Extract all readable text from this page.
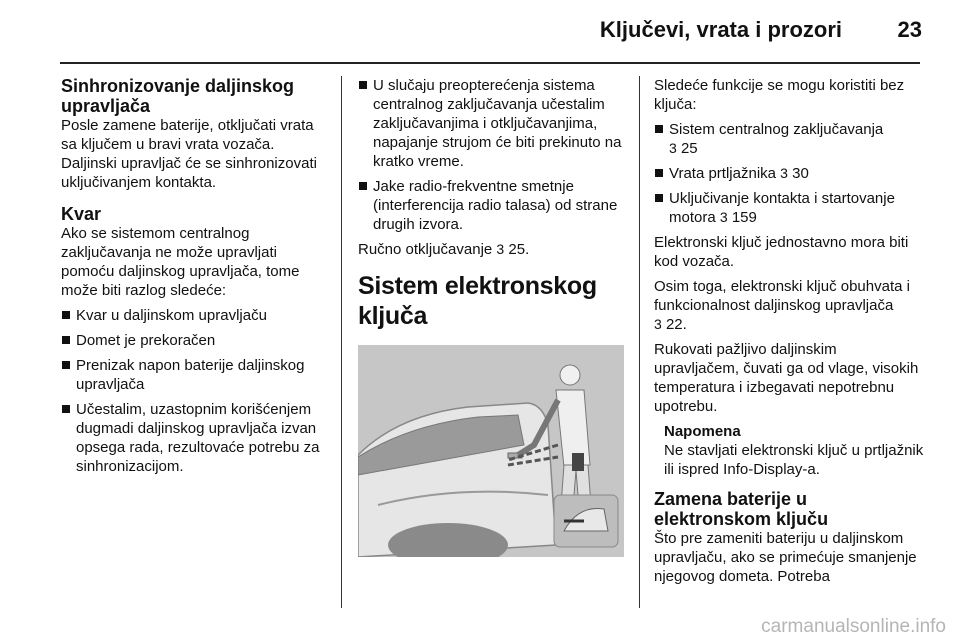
Ključevi, vrata i prozori	23
Sinhronizovanje daljinskog upravljača

Posle zamene baterije, otključati vrata sa ključem u bravi vrata vozača. Daljinski upravljač će se sinhronizovati uključivanjem kontakta.

Kvar

Ako se sistemom centralnog zaključavanja ne može upravljati pomoću daljinskog upravljača, tome može biti razlog sledeće:

Kvar u daljinskom upravljaču
Domet je prekoračen
Prenizak napon baterije daljinskog upravljača
Učestalim, uzastopnim korišćenjem dugmadi daljinskog upravljača izvan opsega rada, rezultovaće potrebu za sinhronizacijom.
U slučaju preopterećenja sistema centralnog zaključavanja učestalim zaključavanjima i otključavanjima, napajanje strujom će biti prekinuto na kratko vreme.
Jake radio-frekventne smetnje (interferencija radio talasa) od strane drugih izvora.

Ručno otključavanje 3 25.

Sistem elektronskog ključa

Sledeće funkcije se mogu koristiti bez ključa:

Sistem centralnog zaključavanja
3 25
Vrata prtljažnika 3 30
Uključivanje kontakta i startovanje motora 3 159

Elektronski ključ jednostavno mora biti kod vozača.

Osim toga, elektronski ključ obuhvata i funkcionalnost daljinskog upravljača
3 22.

Rukovati pažljivo daljinskim upravljačem, čuvati ga od vlage, visokih temperatura i izbegavati nepotrebnu upotrebu.

Napomena
Ne stavljati elektronski ključ u prtljažnik ili ispred Info-Display-a.
Zamena baterije u elektronskom ključu

Što pre zameniti bateriju u daljinskom upravljaču, ako se primećuje smanjenje njegovog dometa. Potreba

carmanualsonline.info
